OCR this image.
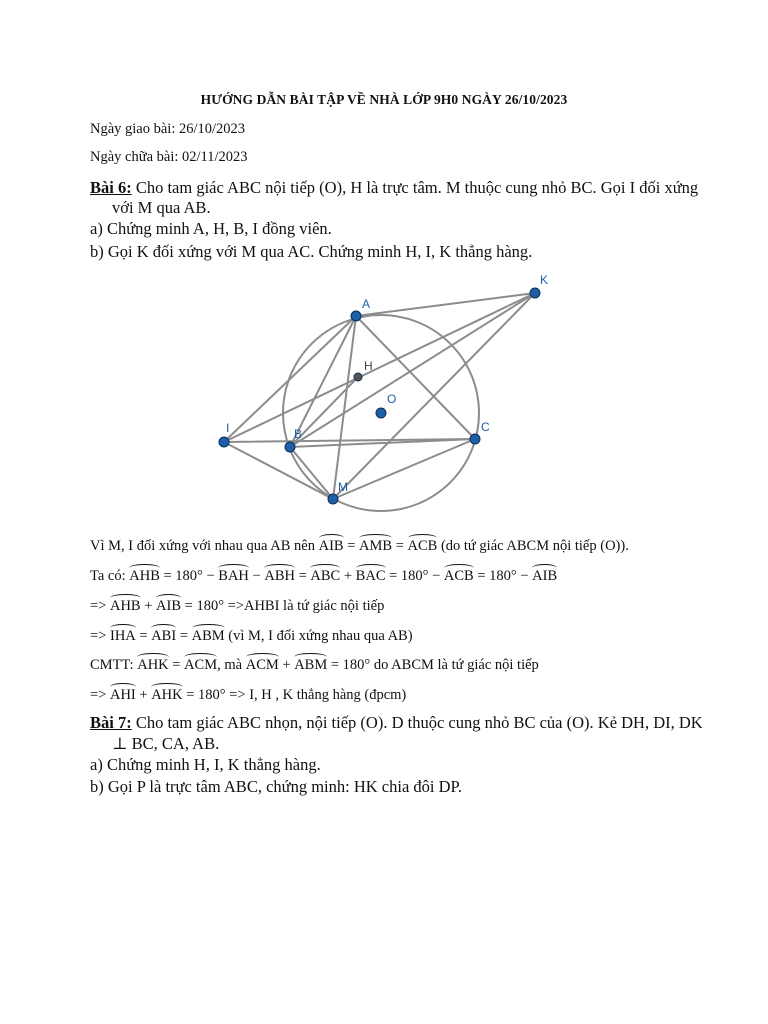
HƯỚNG DẪN BÀI TẬP VỀ NHÀ LỚP 9H0 NGÀY 26/10/2023
Ngày giao bài: 26/10/2023
Ngày chữa bài: 02/11/2023
Bài 6: Cho tam giác ABC nội tiếp (O), H là trực tâm. M thuộc cung nhỏ BC. Gọi I đối xứng
với M qua AB.
a) Chứng minh A, H, B, I đồng viên.
b) Gọi K đối xứng với M qua AC. Chứng minh H, I, K thẳng hàng.
A
H
O
I	B	C
M
K
Vì M, I đối xứng với nhau qua AB nên AIB = AMB = ACB (do tứ giác ABCM nội tiếp (O)).
Ta có: AHB = 180° − BAH − ABH = ABC + BAC = 180° − ACB = 180° − AIB
=> AHB + AIB = 180° =>AHBI là tứ giác nội tiếp
=> IHA = ABI = ABM (vì M, I đối xứng nhau qua AB)
CMTT: AHK = ACM, mà ACM + ABM = 180° do ABCM là tứ giác nội tiếp
=> AHI + AHK = 180° => I, H , K thẳng hàng (đpcm)
Bài 7: Cho tam giác ABC nhọn, nội tiếp (O). D thuộc cung nhỏ BC của (O). Kẻ DH, DI, DK
⊥ BC, CA, AB.
a) Chứng minh H, I, K thẳng hàng.
b) Gọi P là trực tâm ABC, chứng minh: HK chia đôi DP.
